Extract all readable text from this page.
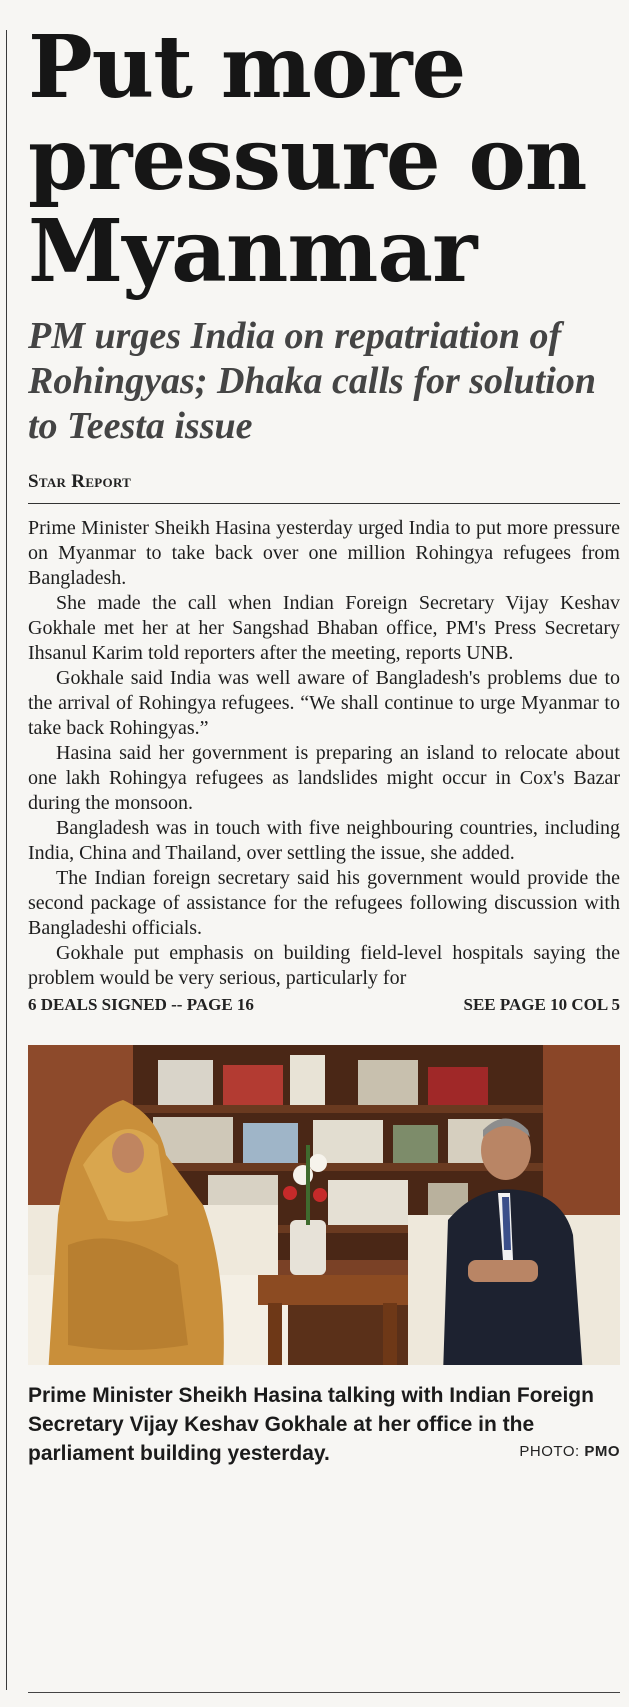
Put more pressure on Myanmar
PM urges India on repatriation of Rohingyas; Dhaka calls for solution to Teesta issue
Star Report

Prime Minister Sheikh Hasina yesterday urged India to put more pressure on Myanmar to take back over one million Rohingya refugees from Bangladesh.

She made the call when Indian Foreign Secretary Vijay Keshav Gokhale met her at her Sangshad Bhaban office, PM's Press Secretary Ihsanul Karim told reporters after the meeting, reports UNB.

Gokhale said India was well aware of Bangladesh's problems due to the arrival of Rohingya refugees. “We shall continue to urge Myanmar to take back Rohingyas.”

Hasina said her government is preparing an island to relocate about one lakh Rohingya refugees as landslides might occur in Cox's Bazar during the monsoon.

Bangladesh was in touch with five neighbouring countries, including India, China and Thailand, over settling the issue, she added.

The Indian foreign secretary said his government would provide the second package of assistance for the refugees following discussion with Bangladeshi officials.

Gokhale put emphasis on building field-level hospitals saying the problem would be very serious, particularly for

6 DEALS SIGNED -- PAGE 16	SEE PAGE 10 COL 5
Prime Minister Sheikh Hasina talking with Indian Foreign Secretary Vijay Keshav Gokhale at her office in the parliament building yesterday.	PHOTO: PMO
